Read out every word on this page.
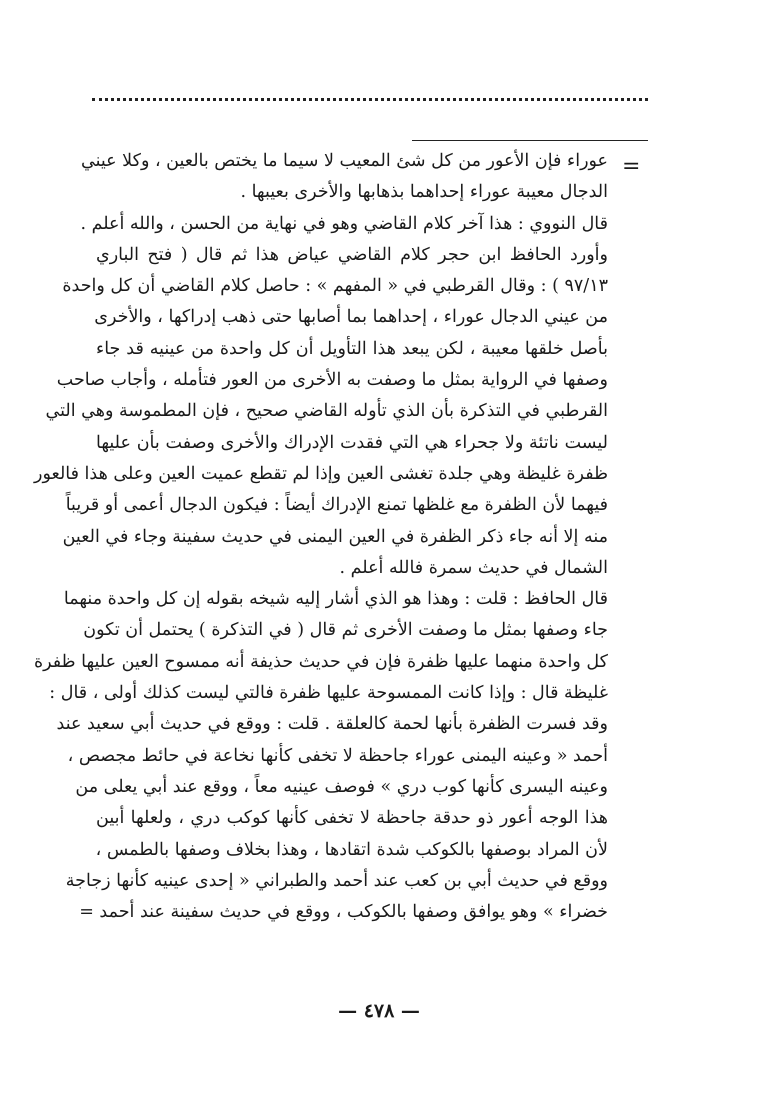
=
عوراء فإن الأعور من كل شئ المعيب لا سيما ما يختص بالعين ، وكلا عيني
الدجال معيبة عوراء إحداهما بذهابها والأخرى بعيبها .
قال النووي : هذا آخر كلام القاضي وهو في نهاية من الحسن ، والله أعلم .
وأورد الحافظ ابن حجر كلام القاضي عياض هذا ثم قال ( فتح الباري
٩٧/١٣ ) : وقال القرطبي في « المفهم » : حاصل كلام القاضي أن كل واحدة
من عيني الدجال عوراء ، إحداهما بما أصابها حتى ذهب إدراكها ، والأخرى
بأصل خلقها معيبة ، لكن يبعد هذا التأويل أن كل واحدة من عينيه قد جاء
وصفها في الرواية بمثل ما وصفت به الأخرى من العور فتأمله ، وأجاب صاحب
القرطبي في التذكرة بأن الذي تأوله القاضي صحيح ، فإن المطموسة وهي التي
ليست ناتئة ولا جحراء هي التي فقدت الإدراك والأخرى وصفت بأن عليها
ظفرة غليظة وهي جلدة تغشى العين وإذا لم تقطع عميت العين وعلى هذا فالعور
فيهما لأن الظفرة مع غلظها تمنع الإدراك أيضاً : فيكون الدجال أعمى أو قريباً
منه إلا أنه جاء ذكر الظفرة في العين اليمنى في حديث سفينة وجاء في العين
الشمال في حديث سمرة فالله أعلم .
قال الحافظ : قلت : وهذا هو الذي أشار إليه شيخه بقوله إن كل واحدة منهما
جاء وصفها بمثل ما وصفت الأخرى ثم قال ( في التذكرة ) يحتمل أن تكون
كل واحدة منهما عليها ظفرة فإن في حديث حذيفة أنه ممسوح العين عليها ظفرة
غليظة قال : وإذا كانت الممسوحة عليها ظفرة فالتي ليست كذلك أولى ، قال :
وقد فسرت الظفرة بأنها لحمة كالعلقة . قلت : ووقع في حديث أبي سعيد عند
أحمد « وعينه اليمنى عوراء جاحظة لا تخفى كأنها نخاعة في حائط مجصص ،
وعينه اليسرى كأنها كوب دري » فوصف عينيه معاً ، ووقع عند أبي يعلى من
هذا الوجه أعور ذو حدقة جاحظة لا تخفى كأنها كوكب دري ، ولعلها أبين
لأن المراد بوصفها بالكوكب شدة اتقادها ، وهذا بخلاف وصفها بالطمس ،
ووقع في حديث أبي بن كعب عند أحمد والطبراني « إحدى عينيه كأنها زجاجة
خضراء » وهو يوافق وصفها بالكوكب ، ووقع في حديث سفينة عند أحمد =
— ٤٧٨ —
